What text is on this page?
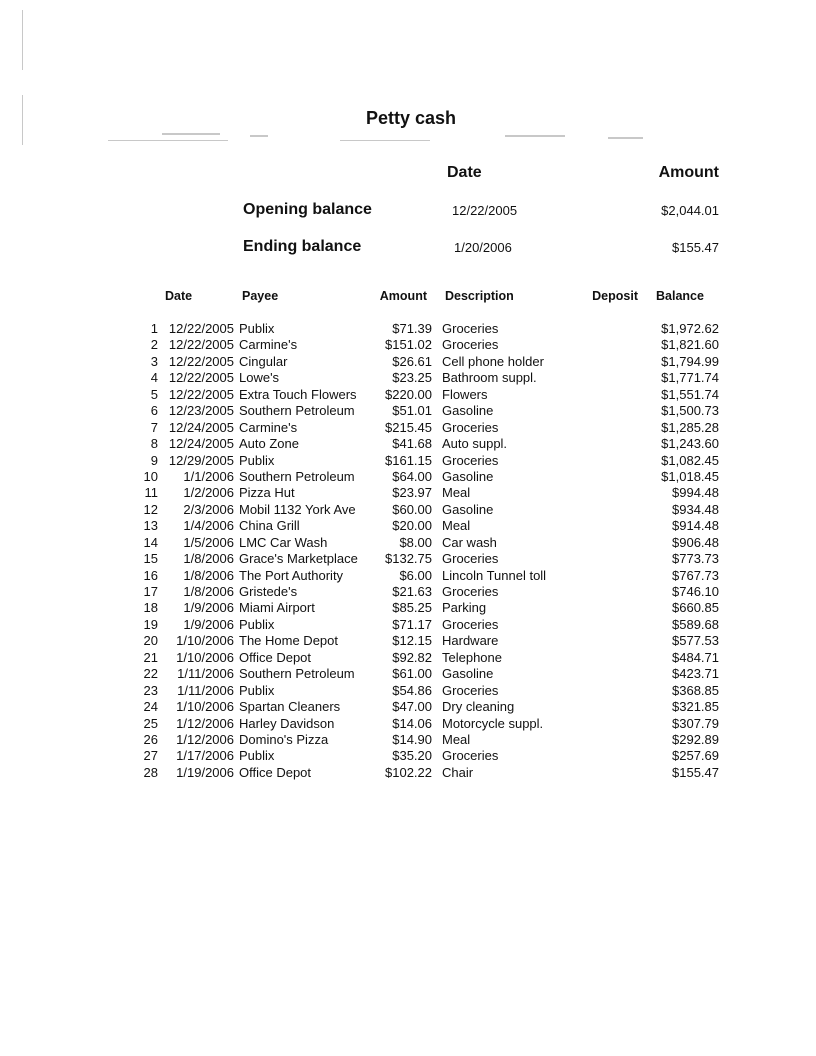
Petty cash
Date	Amount
Opening balance	12/22/2005	$2,044.01
Ending balance	1/20/2006	$155.47
Date	Payee	Amount Description	Deposit Balance
1 12/22/2005 Publix	$71.39 Groceries	$1,972.62
2 12/22/2005 Carmine's	$151.02 Groceries	$1,821.60
3 12/22/2005 Cingular	$26.61 Cell phone holder	$1,794.99
4 12/22/2005 Lowe's	$23.25 Bathroom suppl.	$1,771.74
5 12/22/2005 Extra Touch Flowers $220.00 Flowers	$1,551.74
6 12/23/2005 Southern Petroleum	$51.01 Gasoline	$1,500.73
7 12/24/2005 Carmine's	$215.45 Groceries	$1,285.28
8 12/24/2005 Auto Zone	$41.68 Auto suppl.	$1,243.60
9 12/29/2005 Publix	$161.15 Groceries	$1,082.45
10 1/1/2006 Southern Petroleum	$64.00 Gasoline	$1,018.45
11 1/2/2006 Pizza Hut	$23.97 Meal	$994.48
12 2/3/2006 Mobil 1132 York Ave	$60.00 Gasoline	$934.48
13 1/4/2006 China Grill	$20.00 Meal	$914.48
14 1/5/2006 LMC Car Wash	$8.00 Car wash	$906.48
15 1/8/2006 Grace's Marketplace $132.75 Groceries	$773.73
16 1/8/2006 The Port Authority	$6.00 Lincoln Tunnel toll	$767.73
17 1/8/2006 Gristede's	$21.63 Groceries	$746.10
18 1/9/2006 Miami Airport	$85.25 Parking	$660.85
19 1/9/2006 Publix	$71.17 Groceries	$589.68
20 1/10/2006 The Home Depot	$12.15 Hardware	$577.53
21 1/10/2006 Office Depot	$92.82 Telephone	$484.71
22 1/11/2006 Southern Petroleum	$61.00 Gasoline	$423.71
23 1/11/2006 Publix	$54.86 Groceries	$368.85
24 1/10/2006 Spartan Cleaners	$47.00 Dry cleaning	$321.85
25 1/12/2006 Harley Davidson	$14.06 Motorcycle suppl.	$307.79
26 1/12/2006 Domino's Pizza	$14.90 Meal	$292.89
27 1/17/2006 Publix	$35.20 Groceries	$257.69
28 1/19/2006 Office Depot	$102.22 Chair	$155.47
